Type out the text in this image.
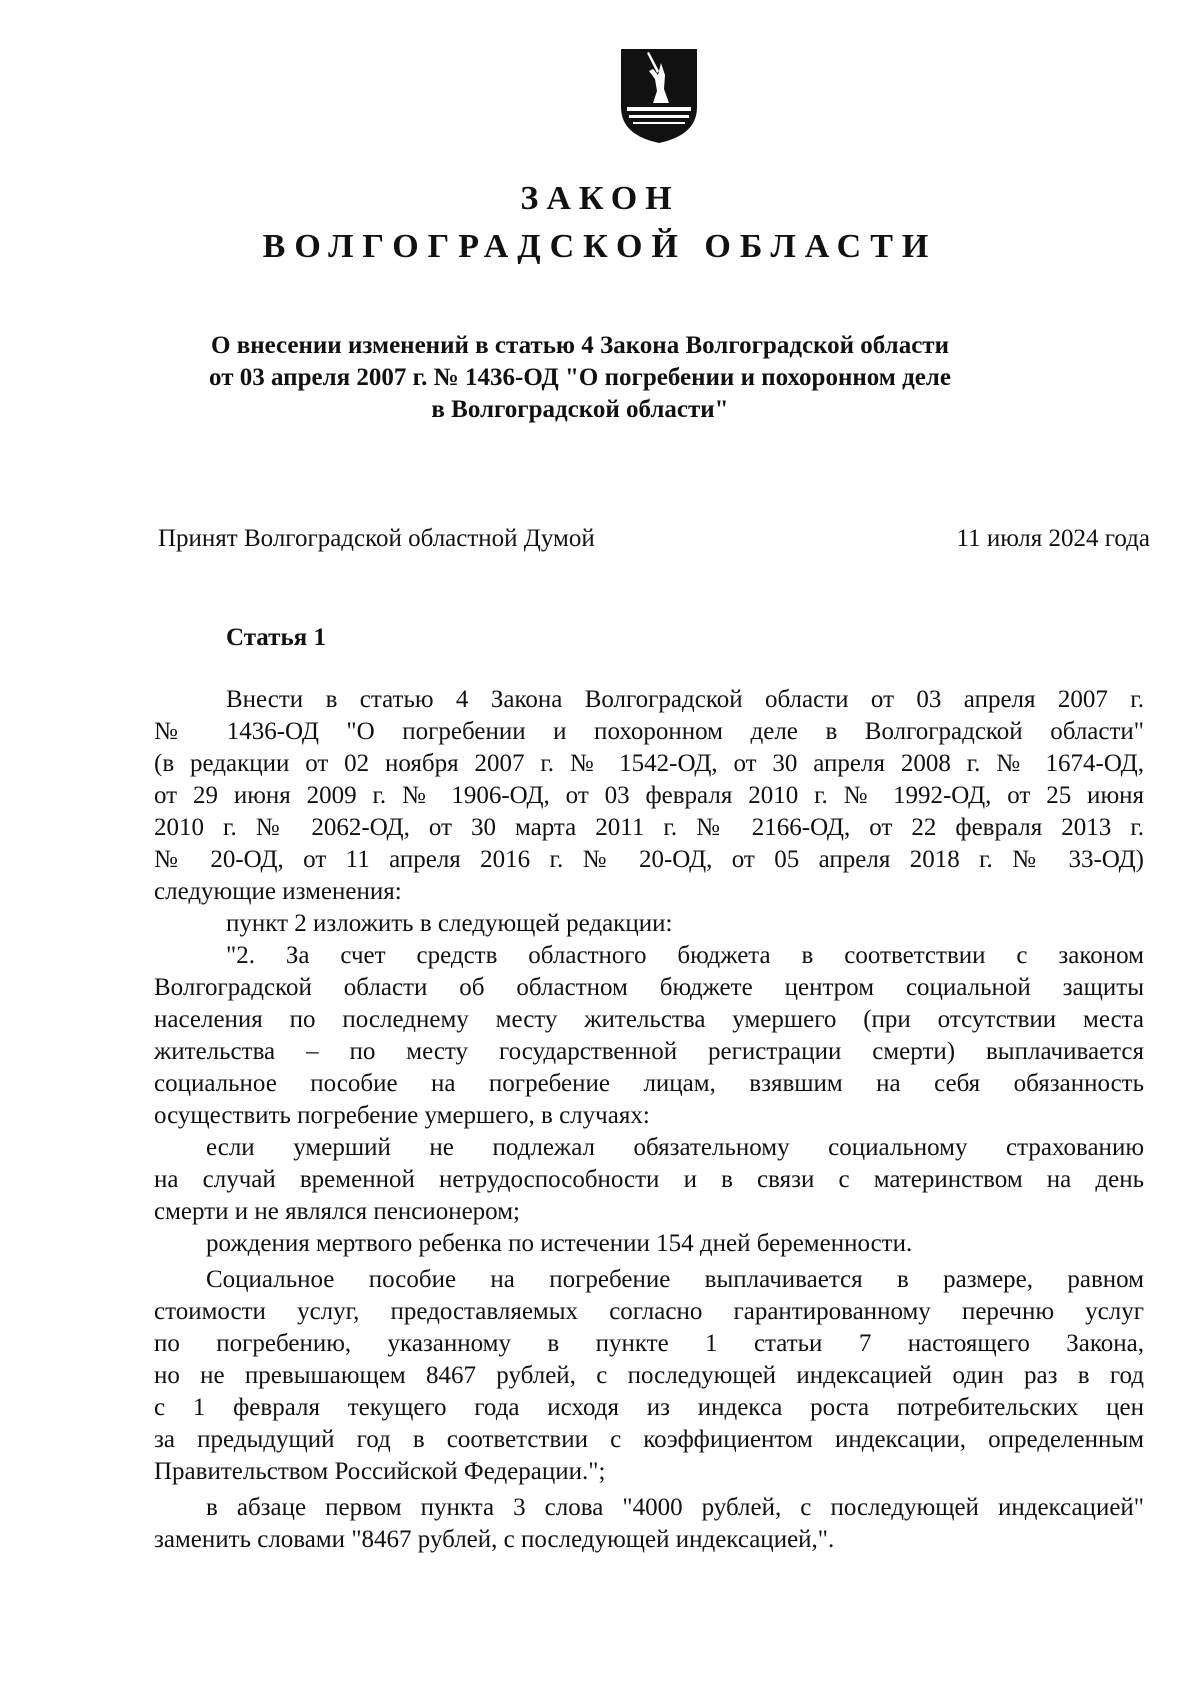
ЗАКОН
ВОЛГОГРАДСКОЙ ОБЛАСТИ
О внесении изменений в статью 4 Закона Волгоградской области
от 03 апреля 2007 г. № 1436-ОД "О погребении и похоронном деле
в Волгоградской области"
Принят Волгоградской областной Думой	11 июля 2024 года
Статья 1

Внести в статью 4 Закона Волгоградской области от 03 апреля 2007 г.

№ 1436-ОД "О погребении и похоронном деле в Волгоградской области"

(в редакции от 02 ноября 2007 г. № 1542-ОД, от 30 апреля 2008 г. № 1674-ОД,

от 29 июня 2009 г. № 1906-ОД, от 03 февраля 2010 г. № 1992-ОД, от 25 июня

2010 г. № 2062-ОД, от 30 марта 2011 г. № 2166-ОД, от 22 февраля 2013 г.

№ 20-ОД, от 11 апреля 2016 г. № 20-ОД, от 05 апреля 2018 г. № 33-ОД)

следующие изменения:

пункт 2 изложить в следующей редакции:

"2. За счет средств областного бюджета в соответствии с законом

Волгоградской области об областном бюджете центром социальной защиты

населения по последнему месту жительства умершего (при отсутствии места

жительства – по месту государственной регистрации смерти) выплачивается

социальное пособие на погребение лицам, взявшим на себя обязанность

осуществить погребение умершего, в случаях:

если умерший не подлежал обязательному социальному страхованию

на случай временной нетрудоспособности и в связи с материнством на день

смерти и не являлся пенсионером;

рождения мертвого ребенка по истечении 154 дней беременности.

Социальное пособие на погребение выплачивается в размере, равном

стоимости услуг, предоставляемых согласно гарантированному перечню услуг

по погребению, указанному в пункте 1 статьи 7 настоящего Закона,

но не превышающем 8467 рублей, с последующей индексацией один раз в год

с 1 февраля текущего года исходя из индекса роста потребительских цен

за предыдущий год в соответствии с коэффициентом индексации, определенным

Правительством Российской Федерации.";

в абзаце первом пункта 3 слова "4000 рублей, с последующей индексацией"

заменить словами "8467 рублей, с последующей индексацией,".
